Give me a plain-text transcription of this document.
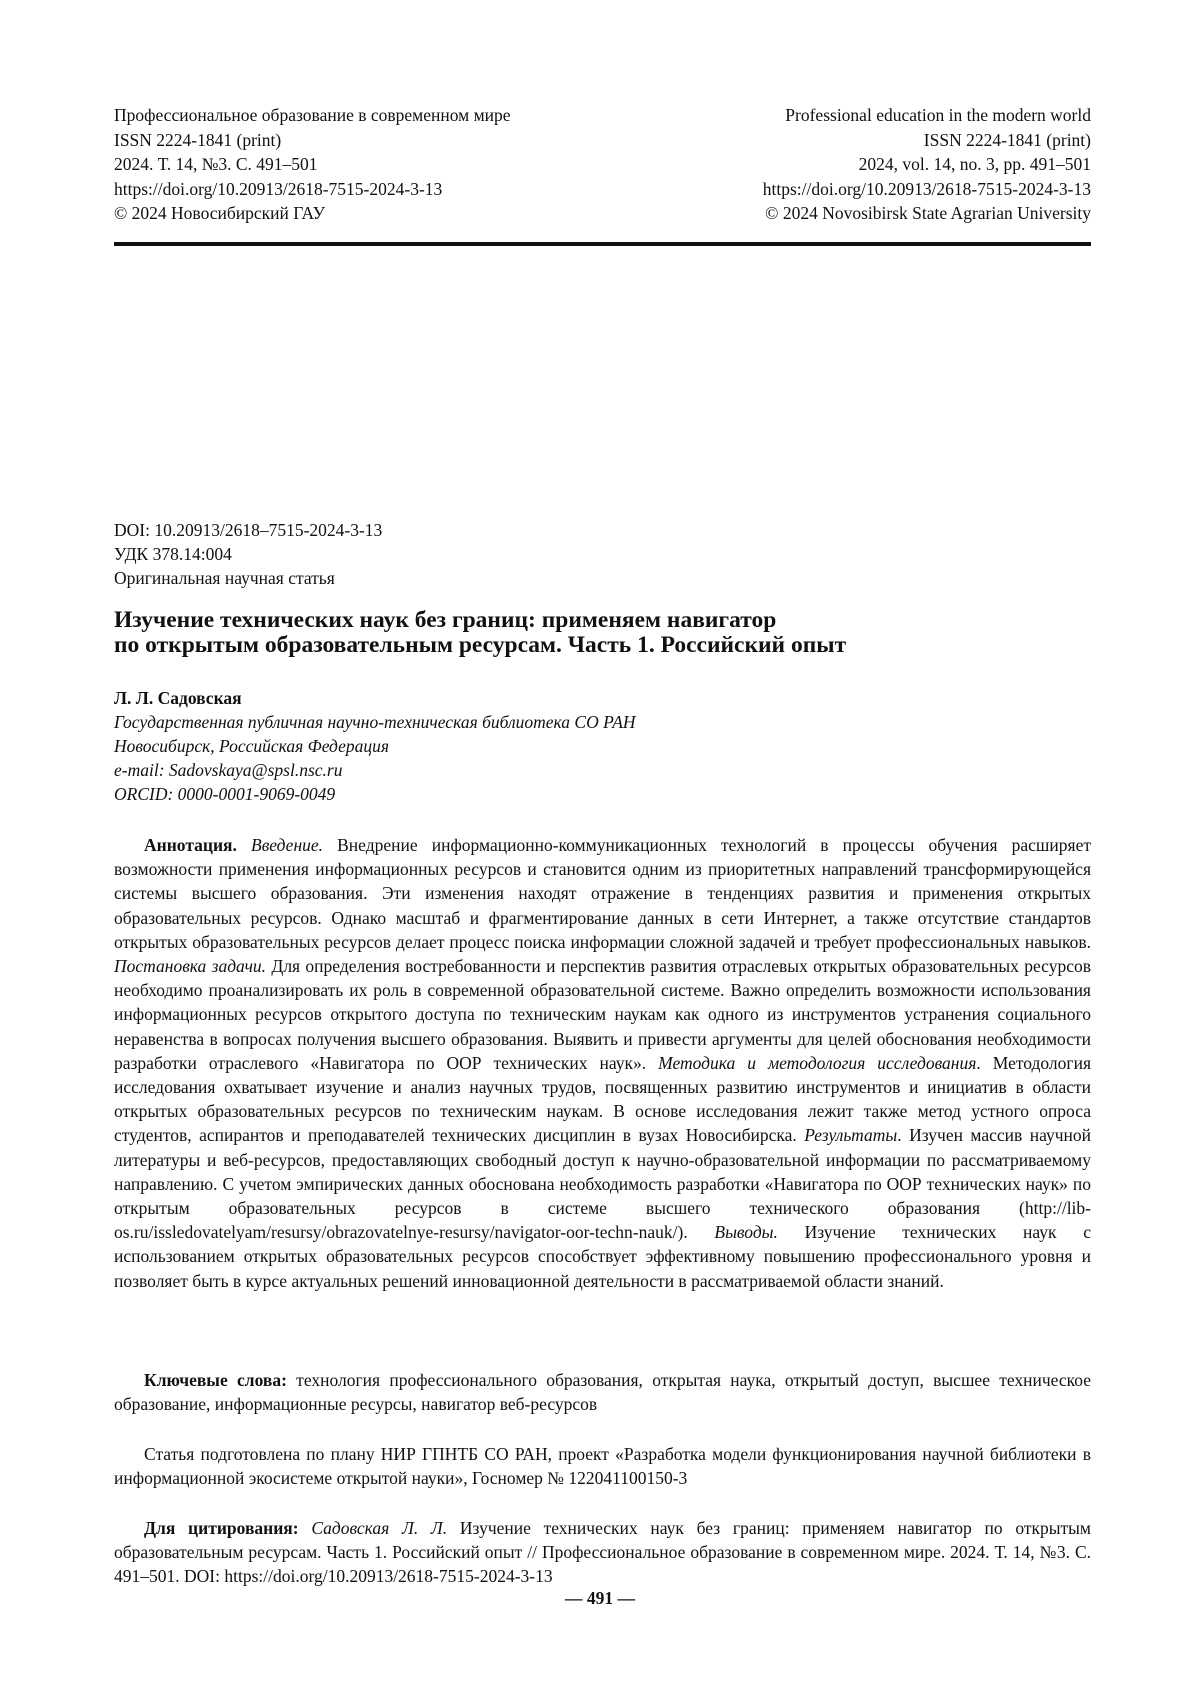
Профессиональное образование в современном мире
ISSN 2224-1841 (print)
2024. Т. 14, №3. С. 491–501
https://doi.org/10.20913/2618-7515-2024-3-13
© 2024 Новосибирский ГАУ
Professional education in the modern world
ISSN 2224-1841 (print)
2024, vol. 14, no. 3, pp. 491–501
https://doi.org/10.20913/2618-7515-2024-3-13
© 2024 Novosibirsk State Agrarian University
DOI: 10.20913/2618–7515-2024-3-13
УДК 378.14:004
Оригинальная научная статья
Изучение технических наук без границ: применяем навигатор
по открытым образовательным ресурсам. Часть 1. Российский опыт
Л. Л. Садовская
Государственная публичная научно-техническая библиотека СО РАН
Новосибирск, Российская Федерация
e-mail: Sadovskaya@spsl.nsc.ru
ORCID: 0000-0001-9069-0049
Аннотация. Введение. Внедрение информационно-коммуникационных технологий в процессы обучения расширяет возможности применения информационных ресурсов и становится одним из приоритетных направлений трансформирующейся системы высшего образования. Эти изменения находят отражение в тенденциях развития и применения открытых образовательных ресурсов. Однако масштаб и фрагментирование данных в сети Интернет, а также отсутствие стандартов открытых образовательных ресурсов делает процесс поиска информации сложной задачей и требует профессиональных навыков. Постановка задачи. Для определения востребованности и перспектив развития отраслевых открытых образовательных ресурсов необходимо проанализировать их роль в современной образовательной системе. Важно определить возможности использования информационных ресурсов открытого доступа по техническим наукам как одного из инструментов устранения социального неравенства в вопросах получения высшего образования. Выявить и привести аргументы для целей обоснования необходимости разработки отраслевого «Навигатора по ООР технических наук». Методика и методология исследования. Методология исследования охватывает изучение и анализ научных трудов, посвященных развитию инструментов и инициатив в области открытых образовательных ресурсов по техническим наукам. В основе исследования лежит также метод устного опроса студентов, аспирантов и преподавателей технических дисциплин в вузах Новосибирска. Результаты. Изучен массив научной литературы и веб-ресурсов, предоставляющих свободный доступ к научно-образовательной информации по рассматриваемому направлению. С учетом эмпирических данных обоснована необходимость разработки «Навигатора по ООР технических наук» по открытым образовательных ресурсов в системе высшего технического образования (http://lib-os.ru/issledovatelyam/resursy/obrazovatelnye-resursy/navigator-oor-techn-nauk/). Выводы. Изучение технических наук с использованием открытых образовательных ресурсов способствует эффективному повышению профессионального уровня и позволяет быть в курсе актуальных решений инновационной деятельности в рассматриваемой области знаний.
Ключевые слова: технология профессионального образования, открытая наука, открытый доступ, высшее техническое образование, информационные ресурсы, навигатор веб-ресурсов
Статья подготовлена по плану НИР ГПНТБ СО РАН, проект «Разработка модели функционирования научной библиотеки в информационной экосистеме открытой науки», Госномер № 122041100150-3
Для цитирования: Садовская Л. Л. Изучение технических наук без границ: применяем навигатор по открытым образовательным ресурсам. Часть 1. Российский опыт // Профессиональное образование в современном мире. 2024. Т. 14, №3. С. 491–501. DOI: https://doi.org/10.20913/2618-7515-2024-3-13
— 491 —
